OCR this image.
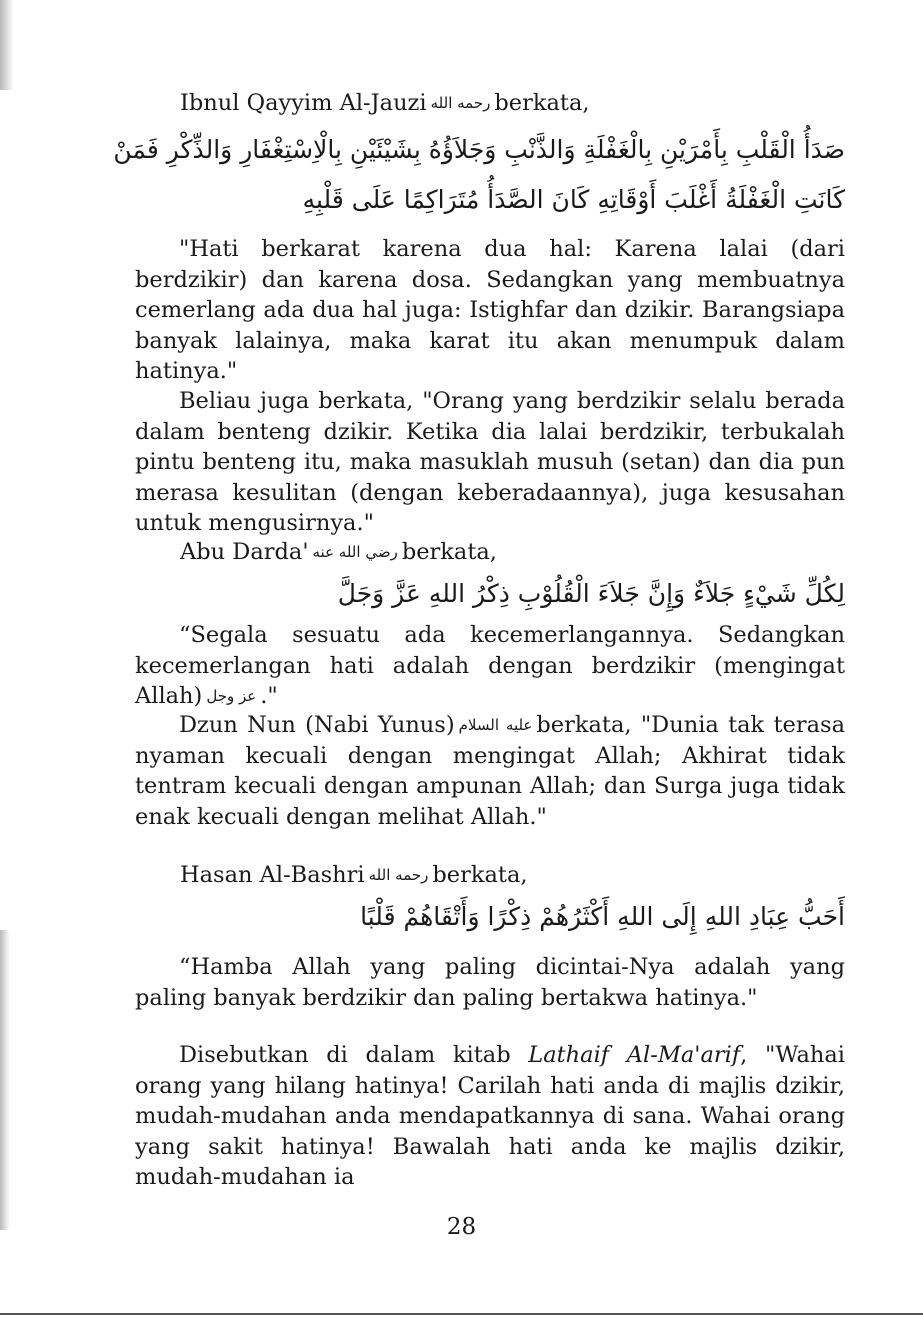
Ibnul Qayyim Al-Jauzi رحمه الله berkata,

صَدَأُ الْقَلْبِ بِأَمْرَيْنِ بِالْغَفْلَةِ وَالذَّنْبِ وَجَلاَؤُهُ بِشَيْئَيْنِ بِالْاِسْتِغْفَارِ وَالذِّكْرِ فَمَنْ

كَانَتِ الْغَفْلَةُ أَغْلَبَ أَوْقَاتِهِ كَانَ الصَّدَأُ مُتَرَاكِمًا عَلَى قَلْبِهِ

"Hati berkarat karena dua hal: Karena lalai (dari berdzikir) dan karena dosa. Sedangkan yang membuatnya cemerlang ada dua hal juga: Istighfar dan dzikir. Barangsiapa banyak lalainya, maka karat itu akan menumpuk dalam hatinya."

Beliau juga berkata, "Orang yang berdzikir selalu berada dalam benteng dzikir. Ketika dia lalai berdzikir, terbukalah pintu benteng itu, maka masuklah musuh (setan) dan dia pun merasa kesulitan (dengan keberadaannya), juga kesusahan untuk mengusirnya."

Abu Darda' رضي الله عنه berkata,

لِكُلِّ شَيْءٍ جَلاَءٌ وَإِنَّ جَلاَءَ الْقُلُوْبِ ذِكْرُ اللهِ عَزَّ وَجَلَّ

“Segala sesuatu ada kecemerlangannya. Sedangkan kecemerlangan hati adalah dengan berdzikir (mengingat Allah) عز وجل ."

Dzun Nun (Nabi Yunus) عليه السلام berkata, "Dunia tak terasa nyaman kecuali dengan mengingat Allah; Akhirat tidak tentram kecuali dengan ampunan Allah; dan Surga juga tidak enak kecuali dengan melihat Allah."

Hasan Al-Bashri رحمه الله berkata,

أَحَبُّ عِبَادِ اللهِ إِلَى اللهِ أَكْثَرُهُمْ ذِكْرًا وَأَتْقَاهُمْ قَلْبًا

“Hamba Allah yang paling dicintai-Nya adalah yang paling banyak berdzikir dan paling bertakwa hatinya."

Disebutkan di dalam kitab Lathaif Al-Ma'arif, "Wahai orang yang hilang hatinya! Carilah hati anda di majlis dzikir, mudah-mudahan anda mendapatkannya di sana. Wahai orang yang sakit hatinya! Bawalah hati anda ke majlis dzikir, mudah-mudahan ia

28
